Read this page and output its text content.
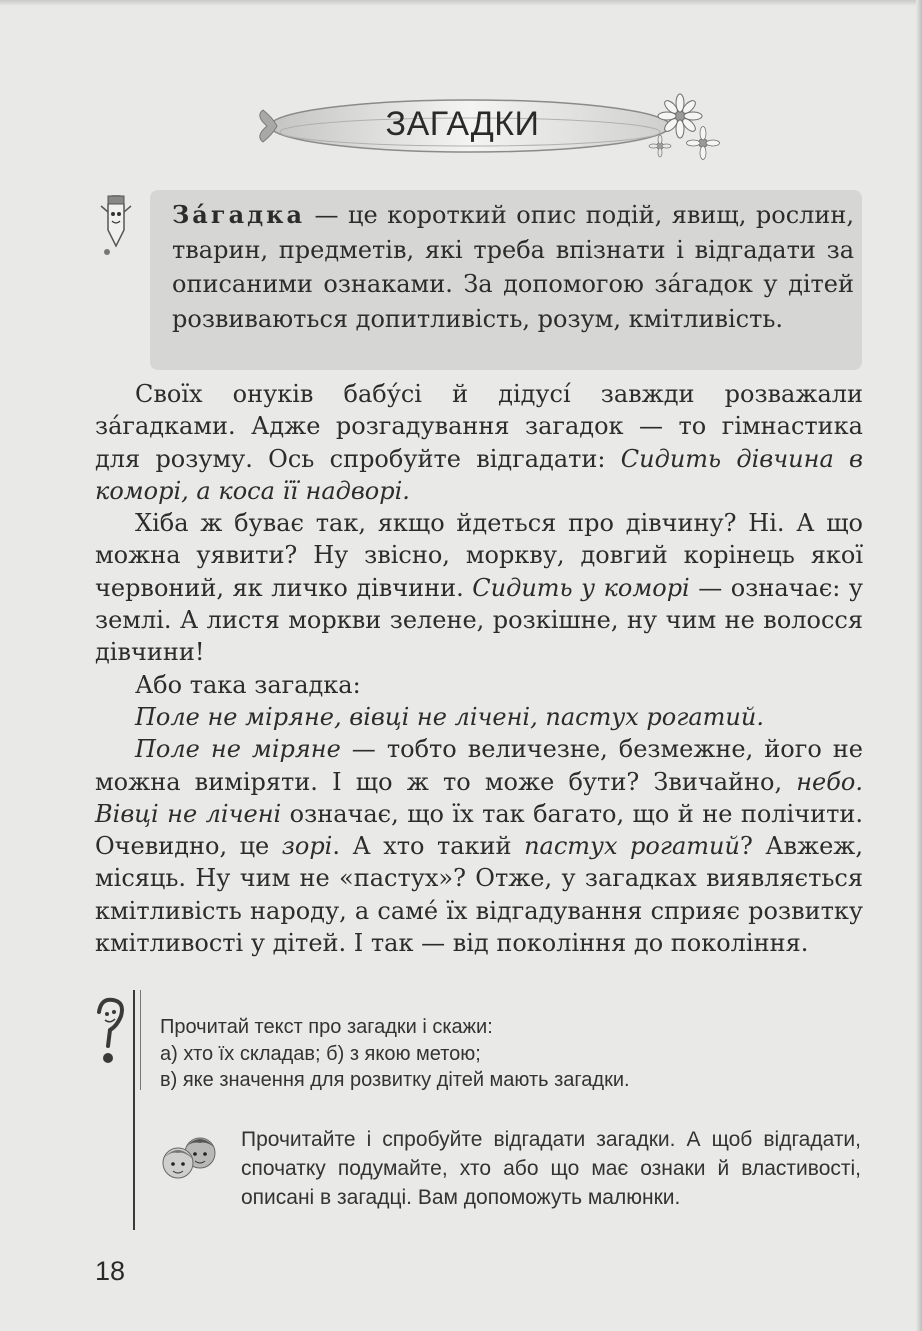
ЗАГАДКИ
За́гадка — це короткий опис подій, явищ, рослин, тварин, предметів, які треба впізнати і відгадати за описаними ознаками. За допомогою за́гадок у дітей розвиваються допитливість, розум, кмітливість.

Своїх онуків бабу́сі й дідусі́ завжди розважали за́гадками. Адже розгадування загадок — то гімнастика для розуму. Ось спробуйте відгадати: Сидить дівчина в коморі, а коса її надворі.

Хіба ж буває так, якщо йдеться про дівчину? Ні. А що можна уявити? Ну звісно, моркву, довгий корінець якої червоний, як личко дівчини. Сидить у коморі — означає: у землі. А листя моркви зелене, розкішне, ну чим не волосся дівчини!

Або така загадка:

Поле не міряне, вівці не лічені, пастух рогатий.

Поле не міряне — тобто величезне, безмежне, його не можна виміряти. І що ж то може бути? Звичайно, небо. Вівці не лічені означає, що їх так багато, що й не полічити. Очевидно, це зорі. А хто такий пастух рогатий? Авжеж, місяць. Ну чим не «пастух»? Отже, у загадках виявляється кмітливість народу, а саме́ їх відгадування сприяє розвитку кмітливості у дітей. І так — від покоління до покоління.

Прочитай текст про загадки і скажи:
а) хто їх складав; б) з якою метою;
в) яке значення для розвитку дітей мають загадки.
Прочитайте і спробуйте відгадати загадки. А щоб відгадати, спочатку подумайте, хто або що має ознаки й властивості, описані в загадці. Вам допоможуть малюнки.
18
